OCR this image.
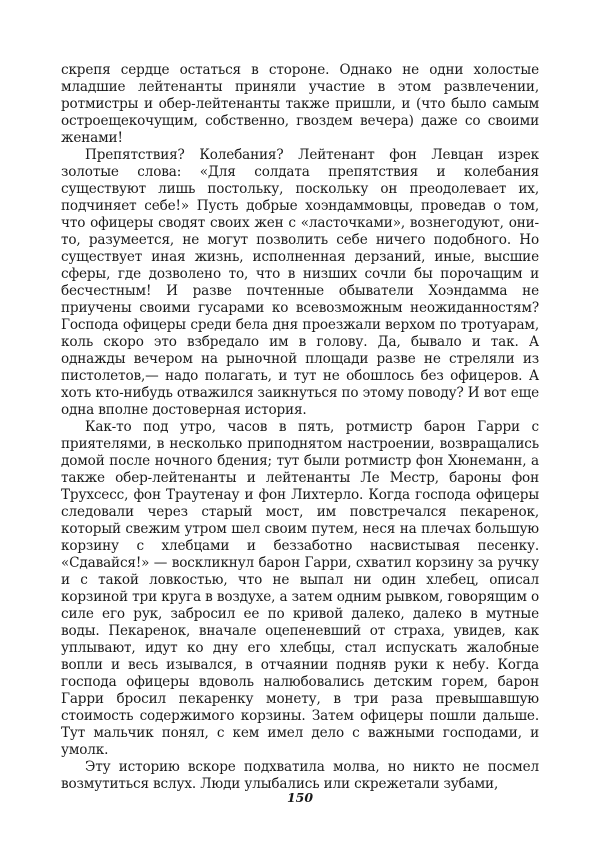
скрепя сердце остаться в стороне. Однако не одни холостые младшие лейтенанты приняли участие в этом развлечении, ротмистры и обер-лейтенанты также пришли, и (что было самым остроещекочущим, собственно, гвоздем вечера) даже со своими женами!

Препятствия? Колебания? Лейтенант фон Левцан изрек золотые слова: «Для солдата препятствия и колебания существуют лишь постольку, поскольку он преодолевает их, подчиняет себе!» Пусть добрые хоэндаммовцы, проведав о том, что офицеры сводят своих жен с «ласточками», вознегодуют, они-то, разумеется, не могут позволить себе ничего подобного. Но существует иная жизнь, исполненная дерзаний, иные, высшие сферы, где дозволено то, что в низших сочли бы порочащим и бесчестным! И разве почтенные обыватели Хоэндамма не приучены своими гусарами ко всевозможным неожиданностям? Господа офицеры среди бела дня проезжали верхом по тротуарам, коль скоро это взбредало им в голову. Да, бывало и так. А однажды вечером на рыночной площади разве не стреляли из пистолетов,— надо полагать, и тут не обошлось без офицеров. А хоть кто-нибудь отважился заикнуться по этому поводу? И вот еще одна вполне достоверная история.

Как-то под утро, часов в пять, ротмистр барон Гарри с приятелями, в несколько приподнятом настроении, возвращались домой после ночного бдения; тут были ротмистр фон Хюнеманн, а также обер-лейтенанты и лейтенанты Ле Местр, бароны фон Трухсесс, фон Траутенау и фон Лихтерло. Когда господа офицеры следовали через старый мост, им повстречался пекаренок, который свежим утром шел своим путем, неся на плечах большую корзину с хлебцами и беззаботно насвистывая песенку. «Сдавайся!» — воскликнул барон Гарри, схватил корзину за ручку и с такой ловкостью, что не выпал ни один хлебец, описал корзиной три круга в воздухе, а затем одним рывком, говорящим о силе его рук, забросил ее по кривой далеко, далеко в мутные воды. Пекаренок, вначале оцепеневший от страха, увидев, как уплывают, идут ко дну его хлебцы, стал испускать жалобные вопли и весь изывался, в отчаянии подняв руки к небу. Когда господа офицеры вдоволь налюбовались детским горем, барон Гарри бросил пекаренку монету, в три раза превышавшую стоимость содержимого корзины. Затем офицеры пошли дальше. Тут мальчик понял, с кем имел дело с важными господами, и умолк.

Эту историю вскоре подхватила молва, но никто не посмел возмутиться вслух. Люди улыбались или скрежетали зубами,

150
